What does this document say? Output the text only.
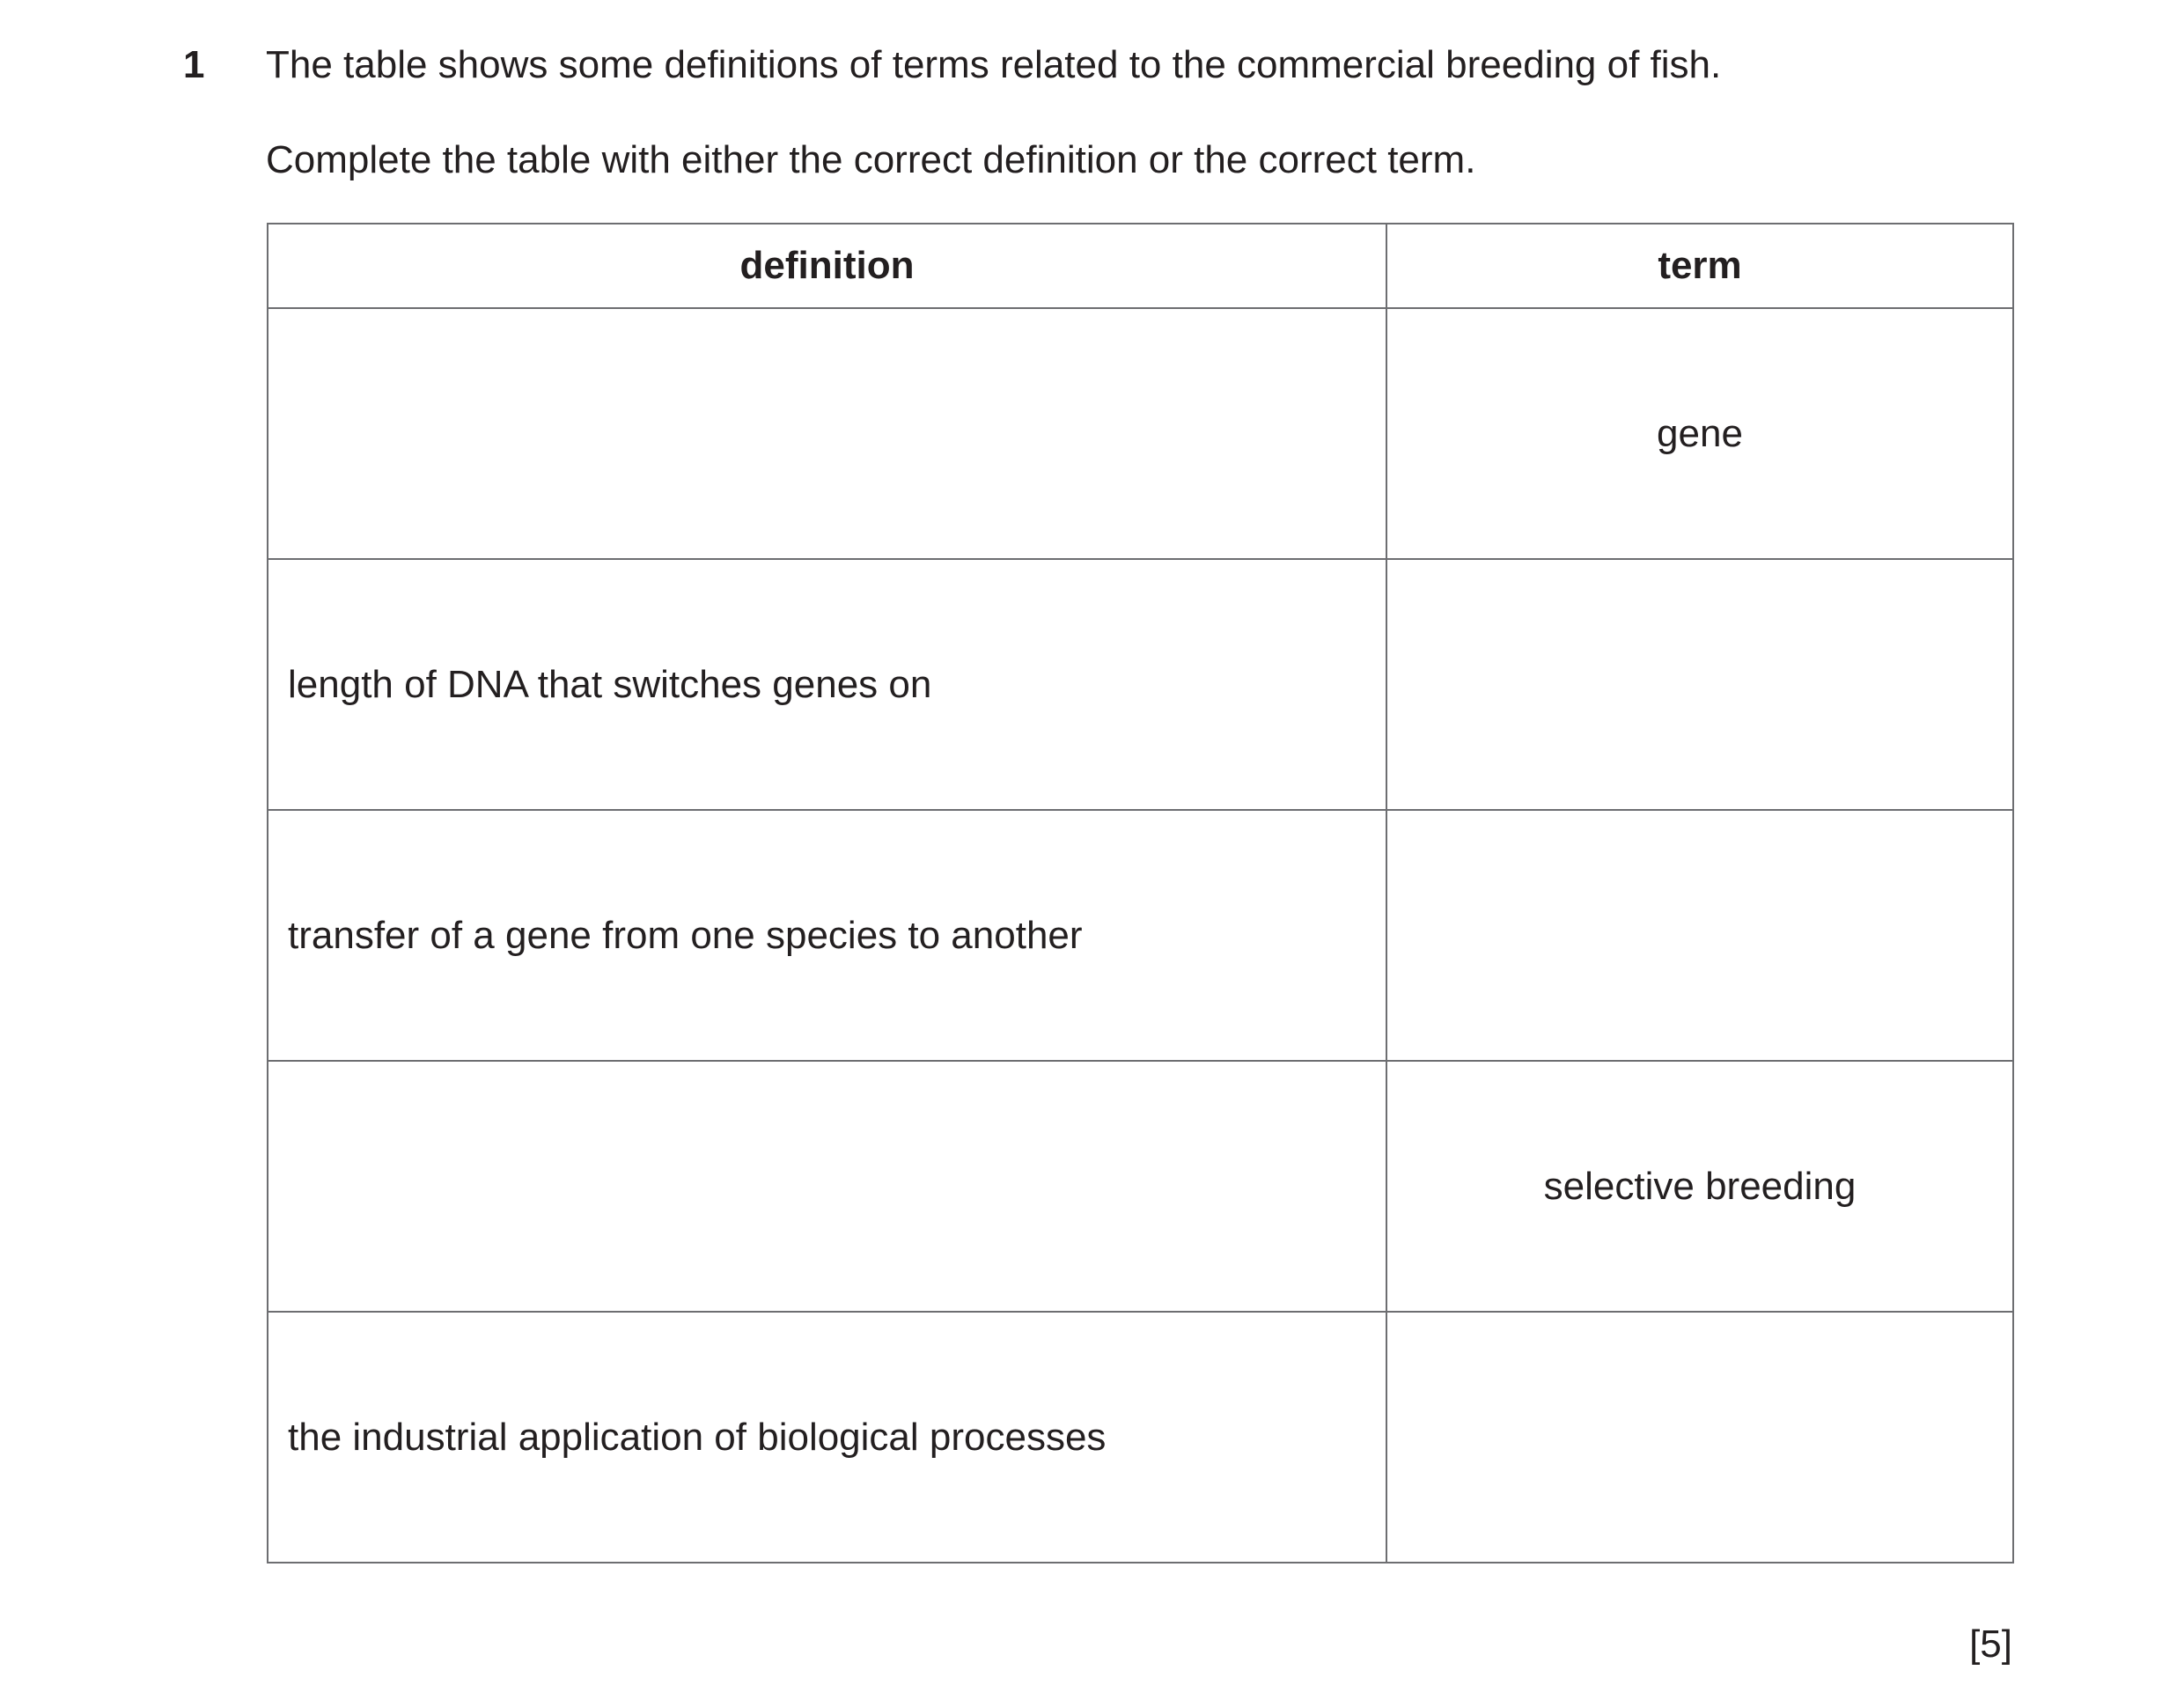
1 The table shows some definitions of terms related to the commercial breeding of fish.
Complete the table with either the correct definition or the correct term.
definition	term
	gene
length of DNA that switches genes on	
transfer of a gene from one species to another	
	selective breeding
the industrial application of biological processes	
[5]
